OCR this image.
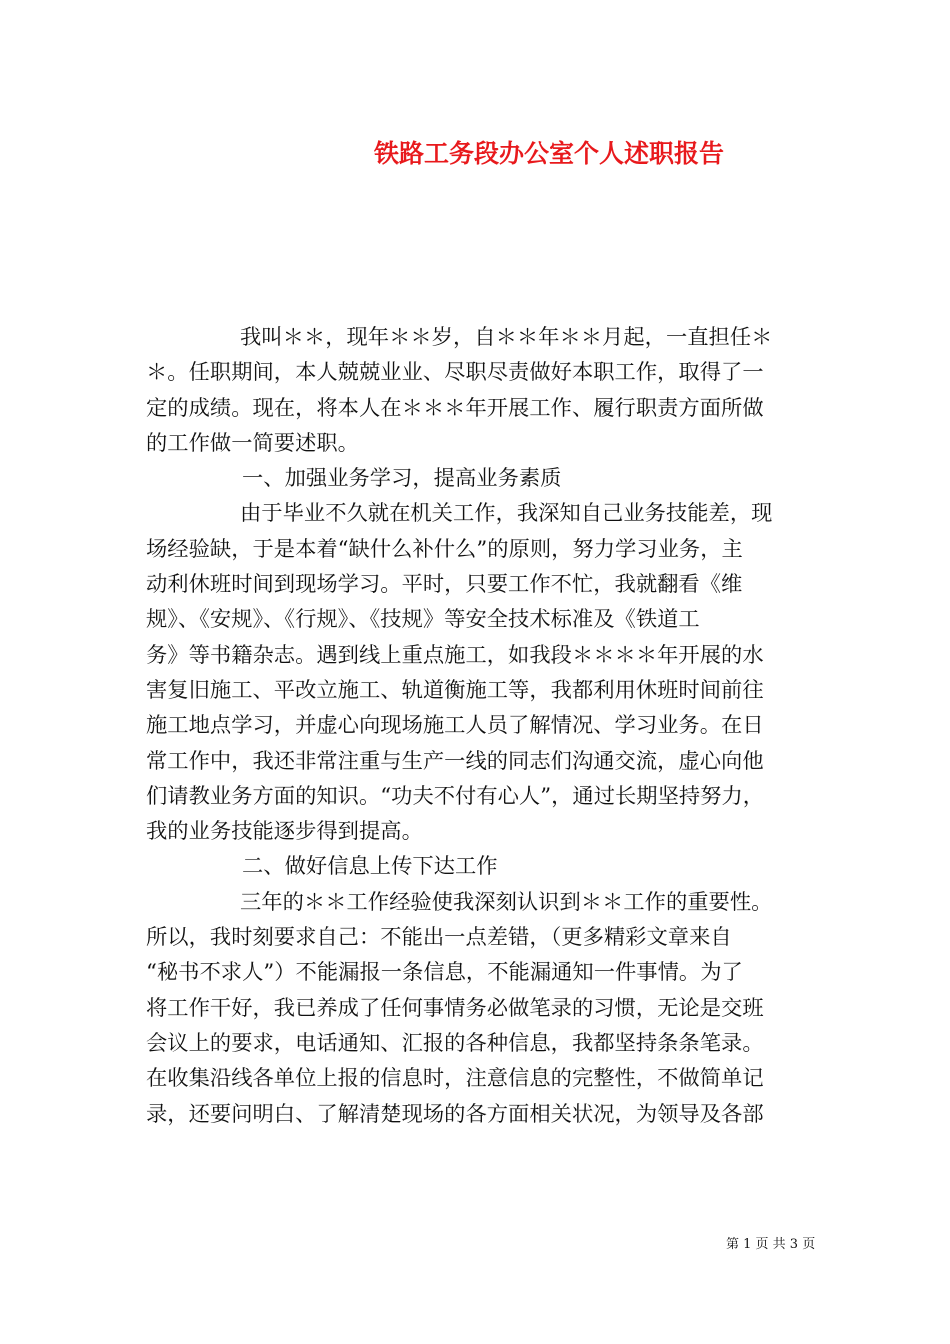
铁路工务段办公室个人述职报告
我叫＊＊，现年＊＊岁，自＊＊年＊＊月起，一直担任＊
＊。任职期间，本人兢兢业业、尽职尽责做好本职工作，取得了一
定的成绩。现在，将本人在＊＊＊年开展工作、履行职责方面所做
的工作做一简要述职。
一、加强业务学习，提高业务素质
由于毕业不久就在机关工作，我深知自己业务技能差，现
场经验缺，于是本着“缺什么补什么”的原则，努力学习业务，主
动利休班时间到现场学习。平时，只要工作不忙，我就翻看《维
规》、《安规》、《行规》、《技规》等安全技术标准及《铁道工
务》等书籍杂志。遇到线上重点施工，如我段＊＊＊＊年开展的水
害复旧施工、平改立施工、轨道衡施工等，我都利用休班时间前往
施工地点学习，并虚心向现场施工人员了解情况、学习业务。在日
常工作中，我还非常注重与生产一线的同志们沟通交流，虚心向他
们请教业务方面的知识。“功夫不付有心人”，通过长期坚持努力，
我的业务技能逐步得到提高。
二、做好信息上传下达工作
三年的＊＊工作经验使我深刻认识到＊＊工作的重要性。
所以，我时刻要求自己：不能出一点差错，（更多精彩文章来自
“秘书不求人”）不能漏报一条信息，不能漏通知一件事情。为了
将工作干好，我已养成了任何事情务必做笔录的习惯，无论是交班
会议上的要求，电话通知、汇报的各种信息，我都坚持条条笔录。
在收集沿线各单位上报的信息时，注意信息的完整性，不做简单记
录，还要问明白、了解清楚现场的各方面相关状况，为领导及各部
第 1 页 共 3 页
